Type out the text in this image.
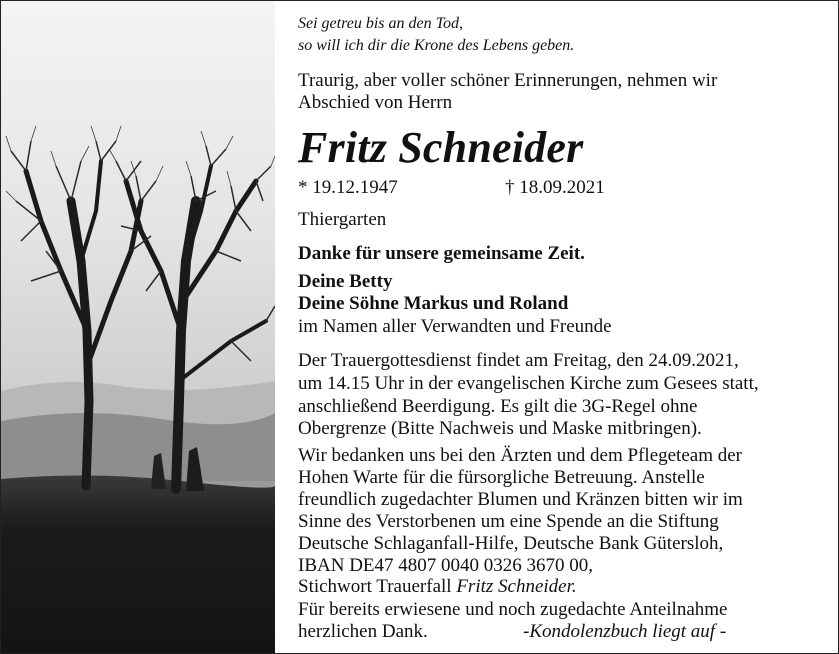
Sei getreu bis an den Tod,
so will ich dir die Krone des Lebens geben.
Traurig, aber voller schöner Erinnerungen, nehmen wir
Abschied von Herrn
Fritz Schneider
* 19.12.1947	† 18.09.2021
Thiergarten
Danke für unsere gemeinsame Zeit.
Deine Betty
Deine Söhne Markus und Roland
im Namen aller Verwandten und Freunde
Der Trauergottesdienst findet am Freitag, den 24.09.2021,
um 14.15 Uhr in der evangelischen Kirche zum Gesees statt,
anschließend Beerdigung. Es gilt die 3G-Regel ohne
Obergrenze (Bitte Nachweis und Maske mitbringen).
Wir bedanken uns bei den Ärzten und dem Pflegeteam der
Hohen Warte für die fürsorgliche Betreuung. Anstelle
freundlich zugedachter Blumen und Kränzen bitten wir im
Sinne des Verstorbenen um eine Spende an die Stiftung
Deutsche Schlaganfall-Hilfe, Deutsche Bank Gütersloh,
IBAN DE47 4807 0040 0326 3670 00,
Stichwort Trauerfall Fritz Schneider.
Für bereits erwiesene und noch zugedachte Anteilnahme
herzlichen Dank.	-Kondolenzbuch liegt auf -
